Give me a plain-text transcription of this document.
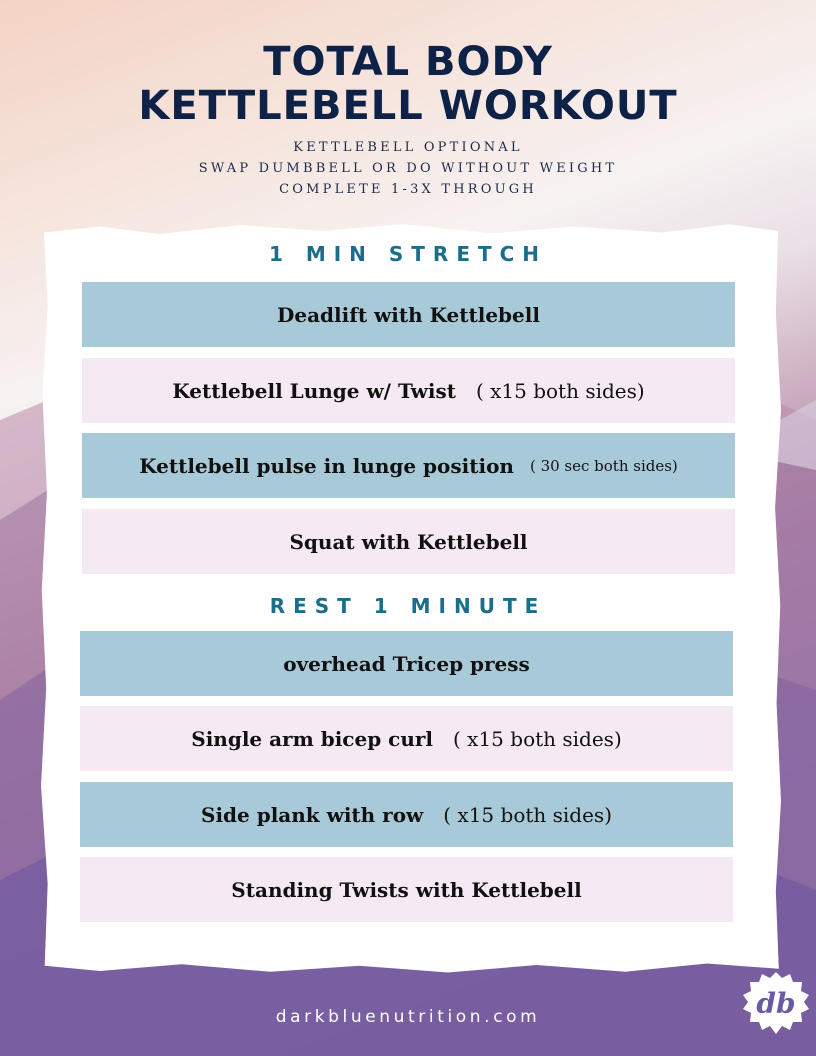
TOTAL BODY
KETTLEBELL WORKOUT
KETTLEBELL OPTIONAL
SWAP DUMBBELL OR DO WITHOUT WEIGHT
COMPLETE 1-3X THROUGH
1 MIN STRETCH
Deadlift with Kettlebell
Kettlebell Lunge w/ Twist ( x15 both sides)
Kettlebell pulse in lunge position ( 30 sec both sides)
Squat with Kettlebell
REST 1 MINUTE
overhead Tricep press
Single arm bicep curl ( x15 both sides)
Side plank with row ( x15 both sides)
Standing Twists with Kettlebell
darkbluenutrition.com	db
